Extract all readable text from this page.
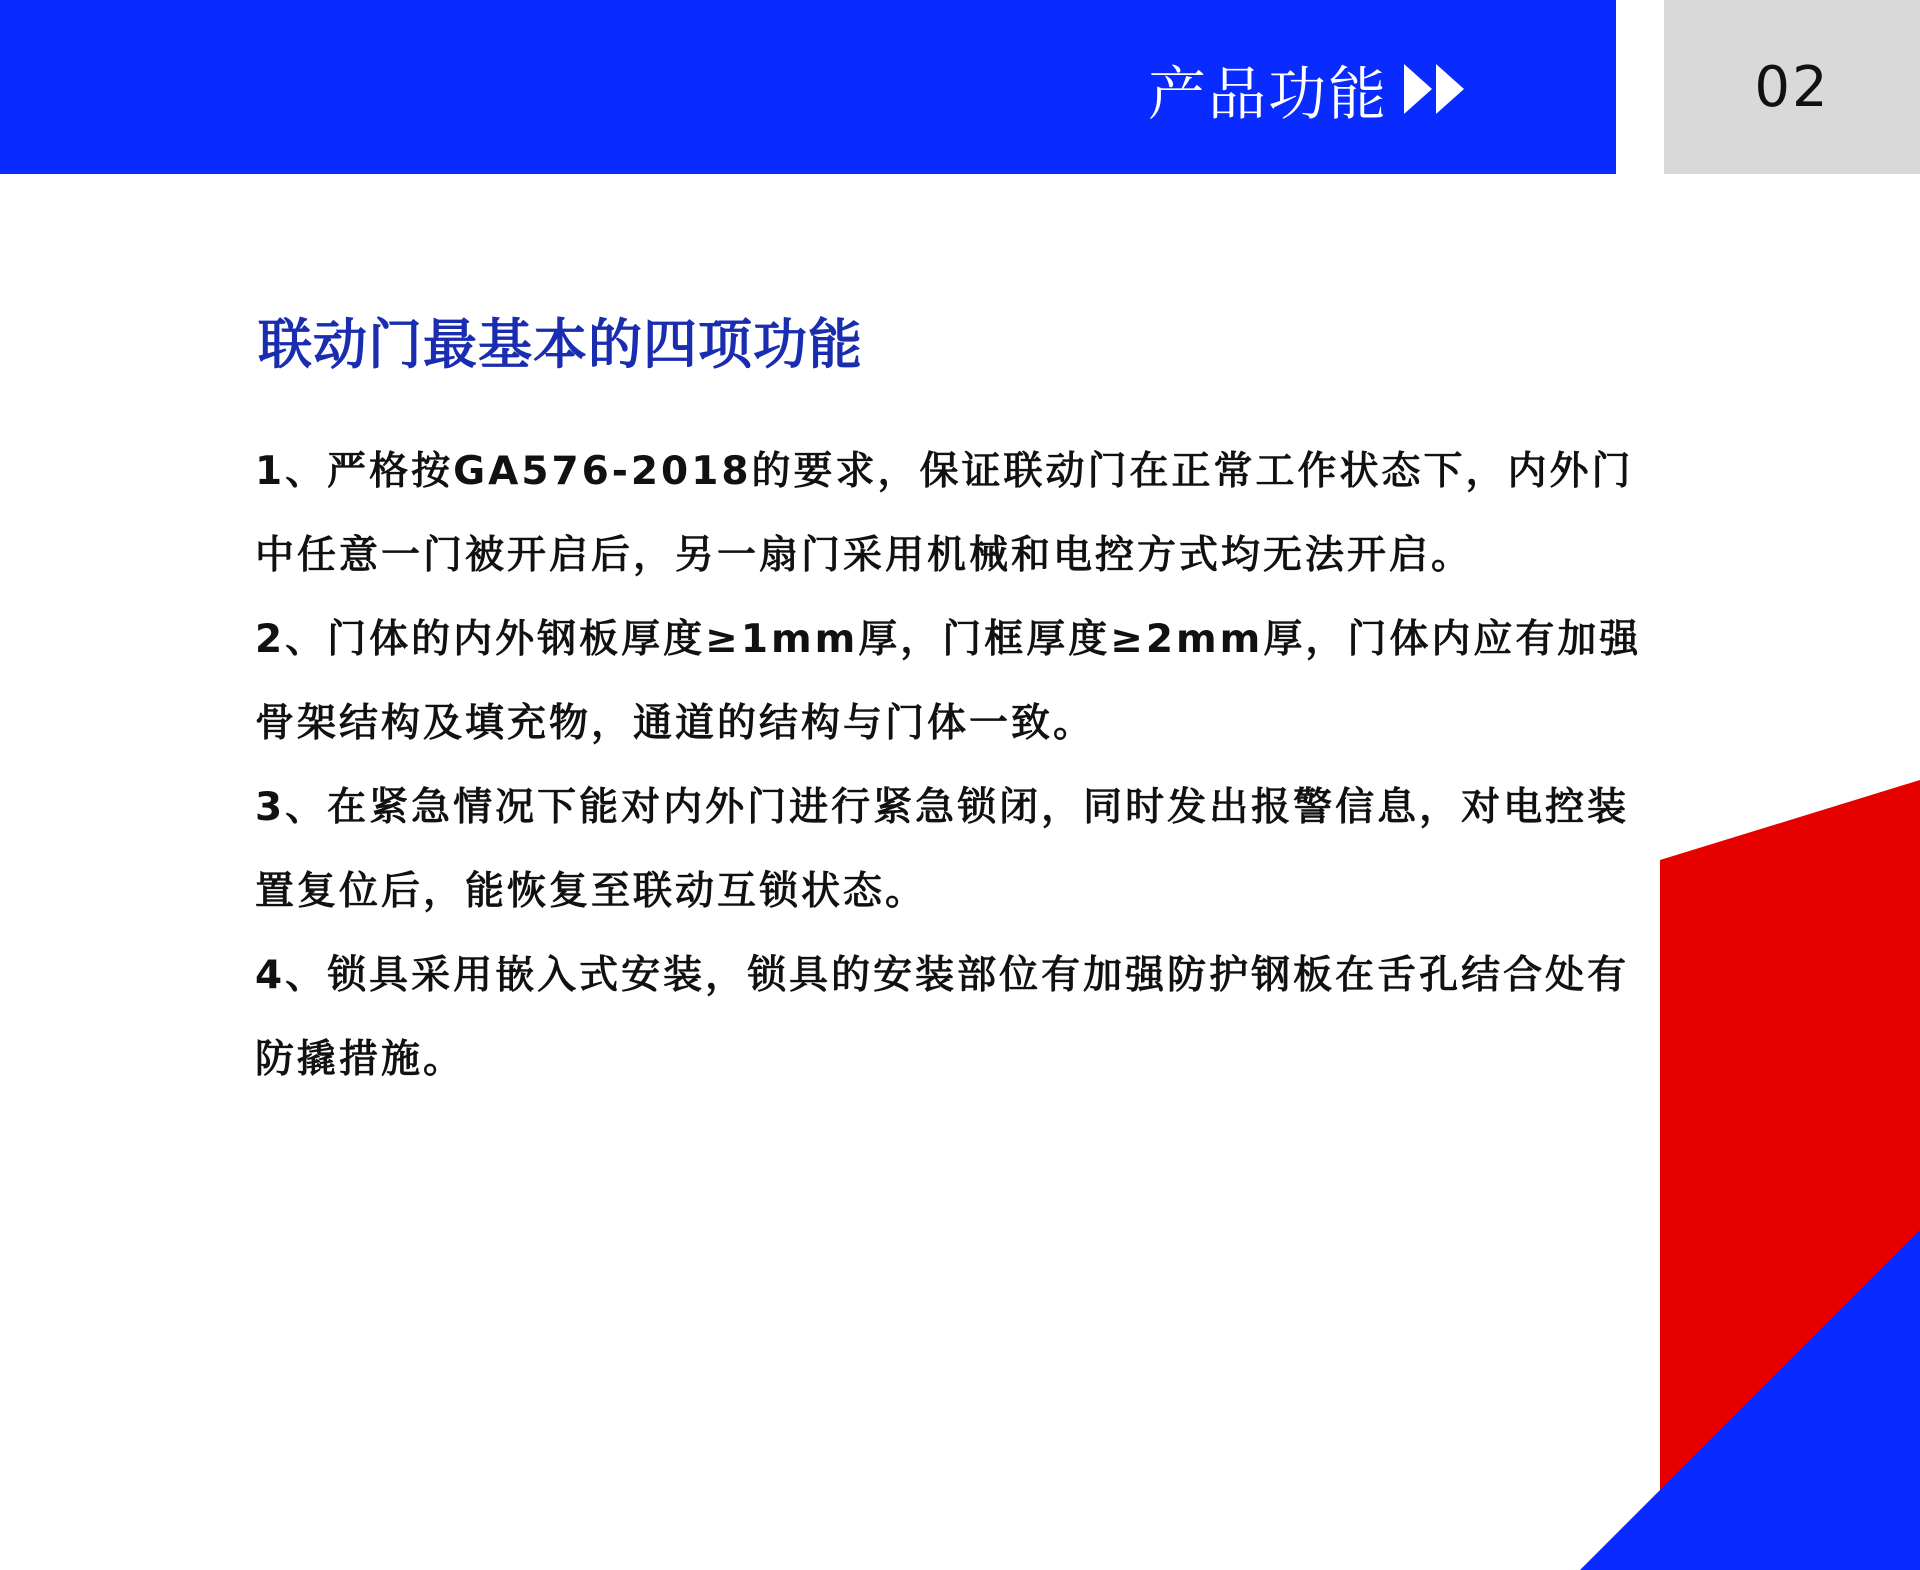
产品功能	02
联动门最基本的四项功能

1、严格按GA576-2018的要求，保证联动门在正常工作状态下，内外门中任意一门被开启后，另一扇门采用机械和电控方式均无法开启。

2、门体的内外钢板厚度≥1mm厚，门框厚度≥2mm厚，门体内应有加强骨架结构及填充物，通道的结构与门体一致。

3、在紧急情况下能对内外门进行紧急锁闭，同时发出报警信息，对电控装置复位后，能恢复至联动互锁状态。

4、锁具采用嵌入式安装，锁具的安装部位有加强防护钢板在舌孔结合处有防撬措施。
